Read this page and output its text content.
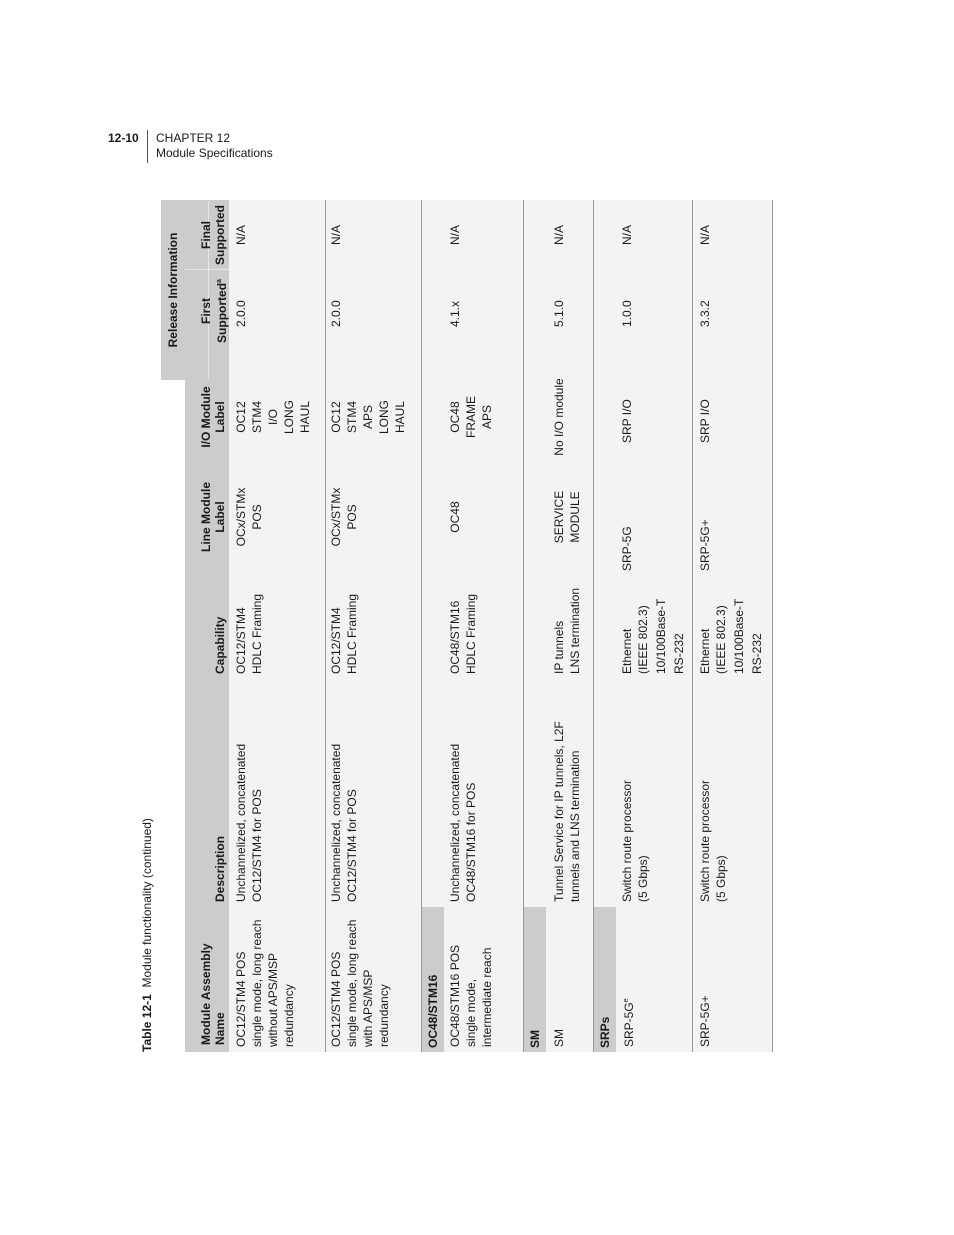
12-10 CHAPTER 12
Module Specifications
Table 12-1  Module functionality (continued)
Release Information
Module Assembly Name
Description
Capability
Line Module Label
I/O Module Label
First Supported$^a$
Final Supported
OC12/STM4 POS single mode, long reach without APS/MSP redundancy
Unchannelized, concatenated OC12/STM4 for POS
OC12/STM4 HDLC Framing
OCx/STMx POS
OC12 STM4 I/O LONG HAUL
2.0.0
N/A
OC12/STM4 POS single mode, long reach with APS/MSP redundancy
Unchannelized, concatenated OC12/STM4 for POS
OC12/STM4 HDLC Framing
OCx/STMx POS
OC12 STM4 APS LONG HAUL
2.0.0
N/A
OC48/STM16 OC48/STM16 POS single mode, intermediate reach
Unchannelized, concatenated OC48/STM16 for POS
OC48/STM16 HDLC Framing
OC48
OC48 FRAME APS
4.1.x
N/A
SM SM
Tunnel Service for IP tunnels, L2F tunnels and LNS termination
IP tunnels LNS termination
SERVICE MODULE
No I/O module
5.1.0
N/A
SRPs SRP-$5G^e$
Switch route processor (5 Gbps)
Ethernet (IEEE 802.3) 10/100Base-T RS-232
SRP-5G
SRP I/O
1.0.0
N/A
SRP-5G+
Switch route processor (5 Gbps)
Ethernet (IEEE 802.3) 10/100Base-T RS-232
SRP-5G+
SRP I/O
3.3.2
N/A
